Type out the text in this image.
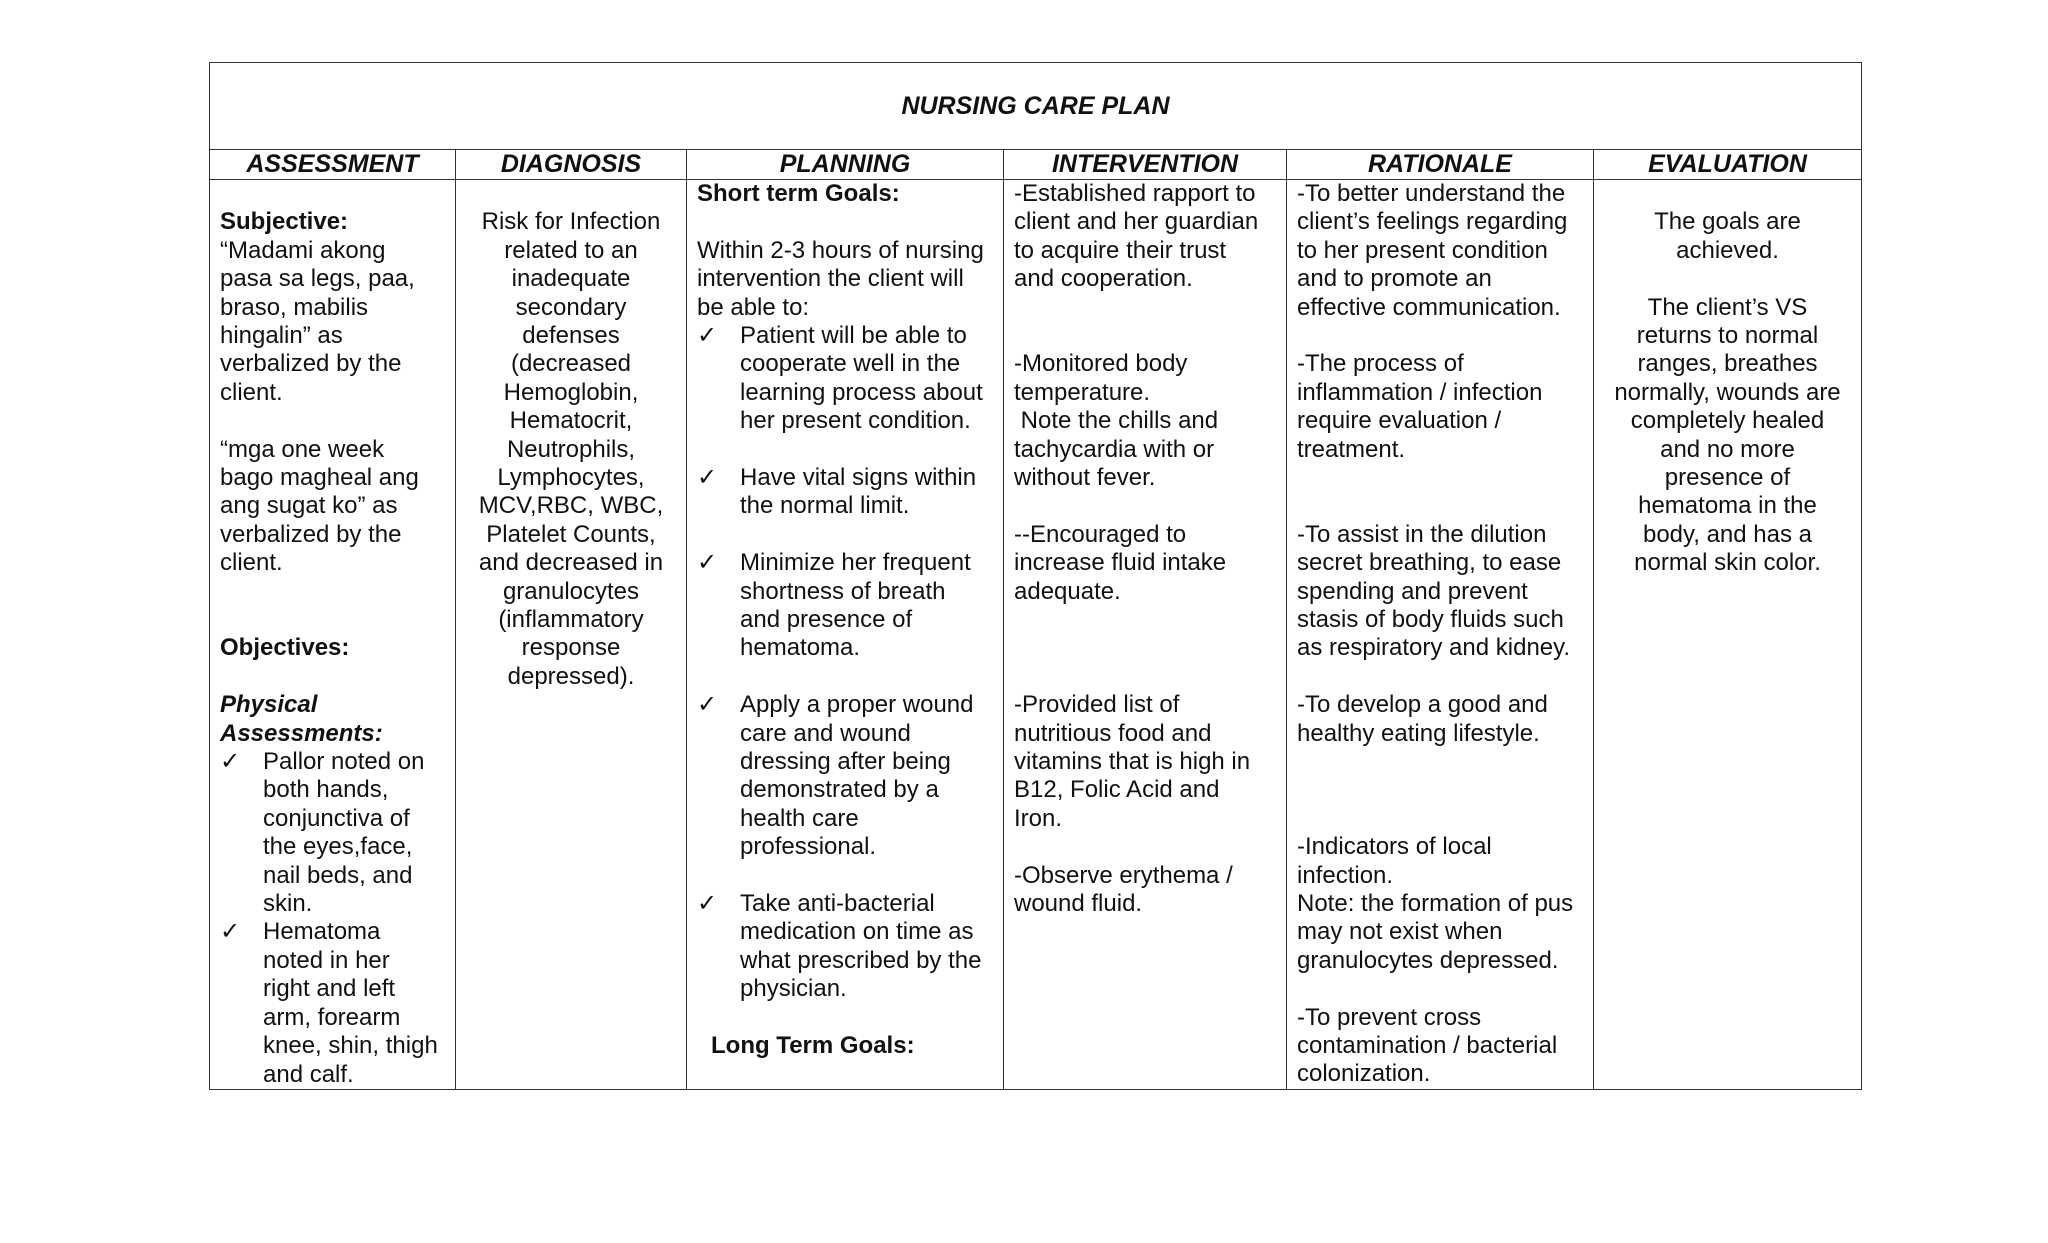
NURSING CARE PLAN
ASSESSMENT
Subjective:
“Madami akong
pasa sa legs, paa,
braso, mabilis
hingalin” as
verbalized by the
client.
“mga one week
bago magheal ang
ang sugat ko” as
verbalized by the
client.
Objectives:
Physical
Assessments:
✓ Pallor noted on
both hands,
conjunctiva of
the eyes,face,
nail beds, and
skin.
✓ Hematoma
noted in her
right and left
arm, forearm
knee, shin, thigh
and calf.
DIAGNOSIS
Risk for Infection
related to an
inadequate
secondary
defenses
(decreased
Hemoglobin,
Hematocrit,
Neutrophils,
Lymphocytes,
MCV,RBC, WBC,
Platelet Counts,
and decreased in
granulocytes
(inflammatory
response
depressed).
PLANNING
Short term Goals:
Within 2-3 hours of nursing
intervention the client will
be able to:
✓ Patient will be able to
cooperate well in the
learning process about
her present condition.
✓ Have vital signs within
the normal limit.
✓ Minimize her frequent
shortness of breath
and presence of
hematoma.
✓ Apply a proper wound
care and wound
dressing after being
demonstrated by a
health care
professional.
✓ Take anti-bacterial
medication on time as
what prescribed by the
physician.
Long Term Goals:
INTERVENTION
-Established rapport to
client and her guardian
to acquire their trust
and cooperation.
-Monitored body
temperature.
Note the chills and
tachycardia with or
without fever.
--Encouraged to
increase fluid intake
adequate.
-Provided list of
nutritious food and
vitamins that is high in
B12, Folic Acid and
Iron.
-Observe erythema /
wound fluid.
RATIONALE
-To better understand the
client’s feelings regarding
to her present condition
and to promote an
effective communication.
-The process of
inflammation / infection
require evaluation /
treatment.
-To assist in the dilution
secret breathing, to ease
spending and prevent
stasis of body fluids such
as respiratory and kidney.
-To develop a good and
healthy eating lifestyle.
-Indicators of local
infection.
Note: the formation of pus
may not exist when
granulocytes depressed.
-To prevent cross
contamination / bacterial
colonization.
EVALUATION
The goals are
achieved.
The client’s VS
returns to normal
ranges, breathes
normally, wounds are
completely healed
and no more
presence of
hematoma in the
body, and has a
normal skin color.
